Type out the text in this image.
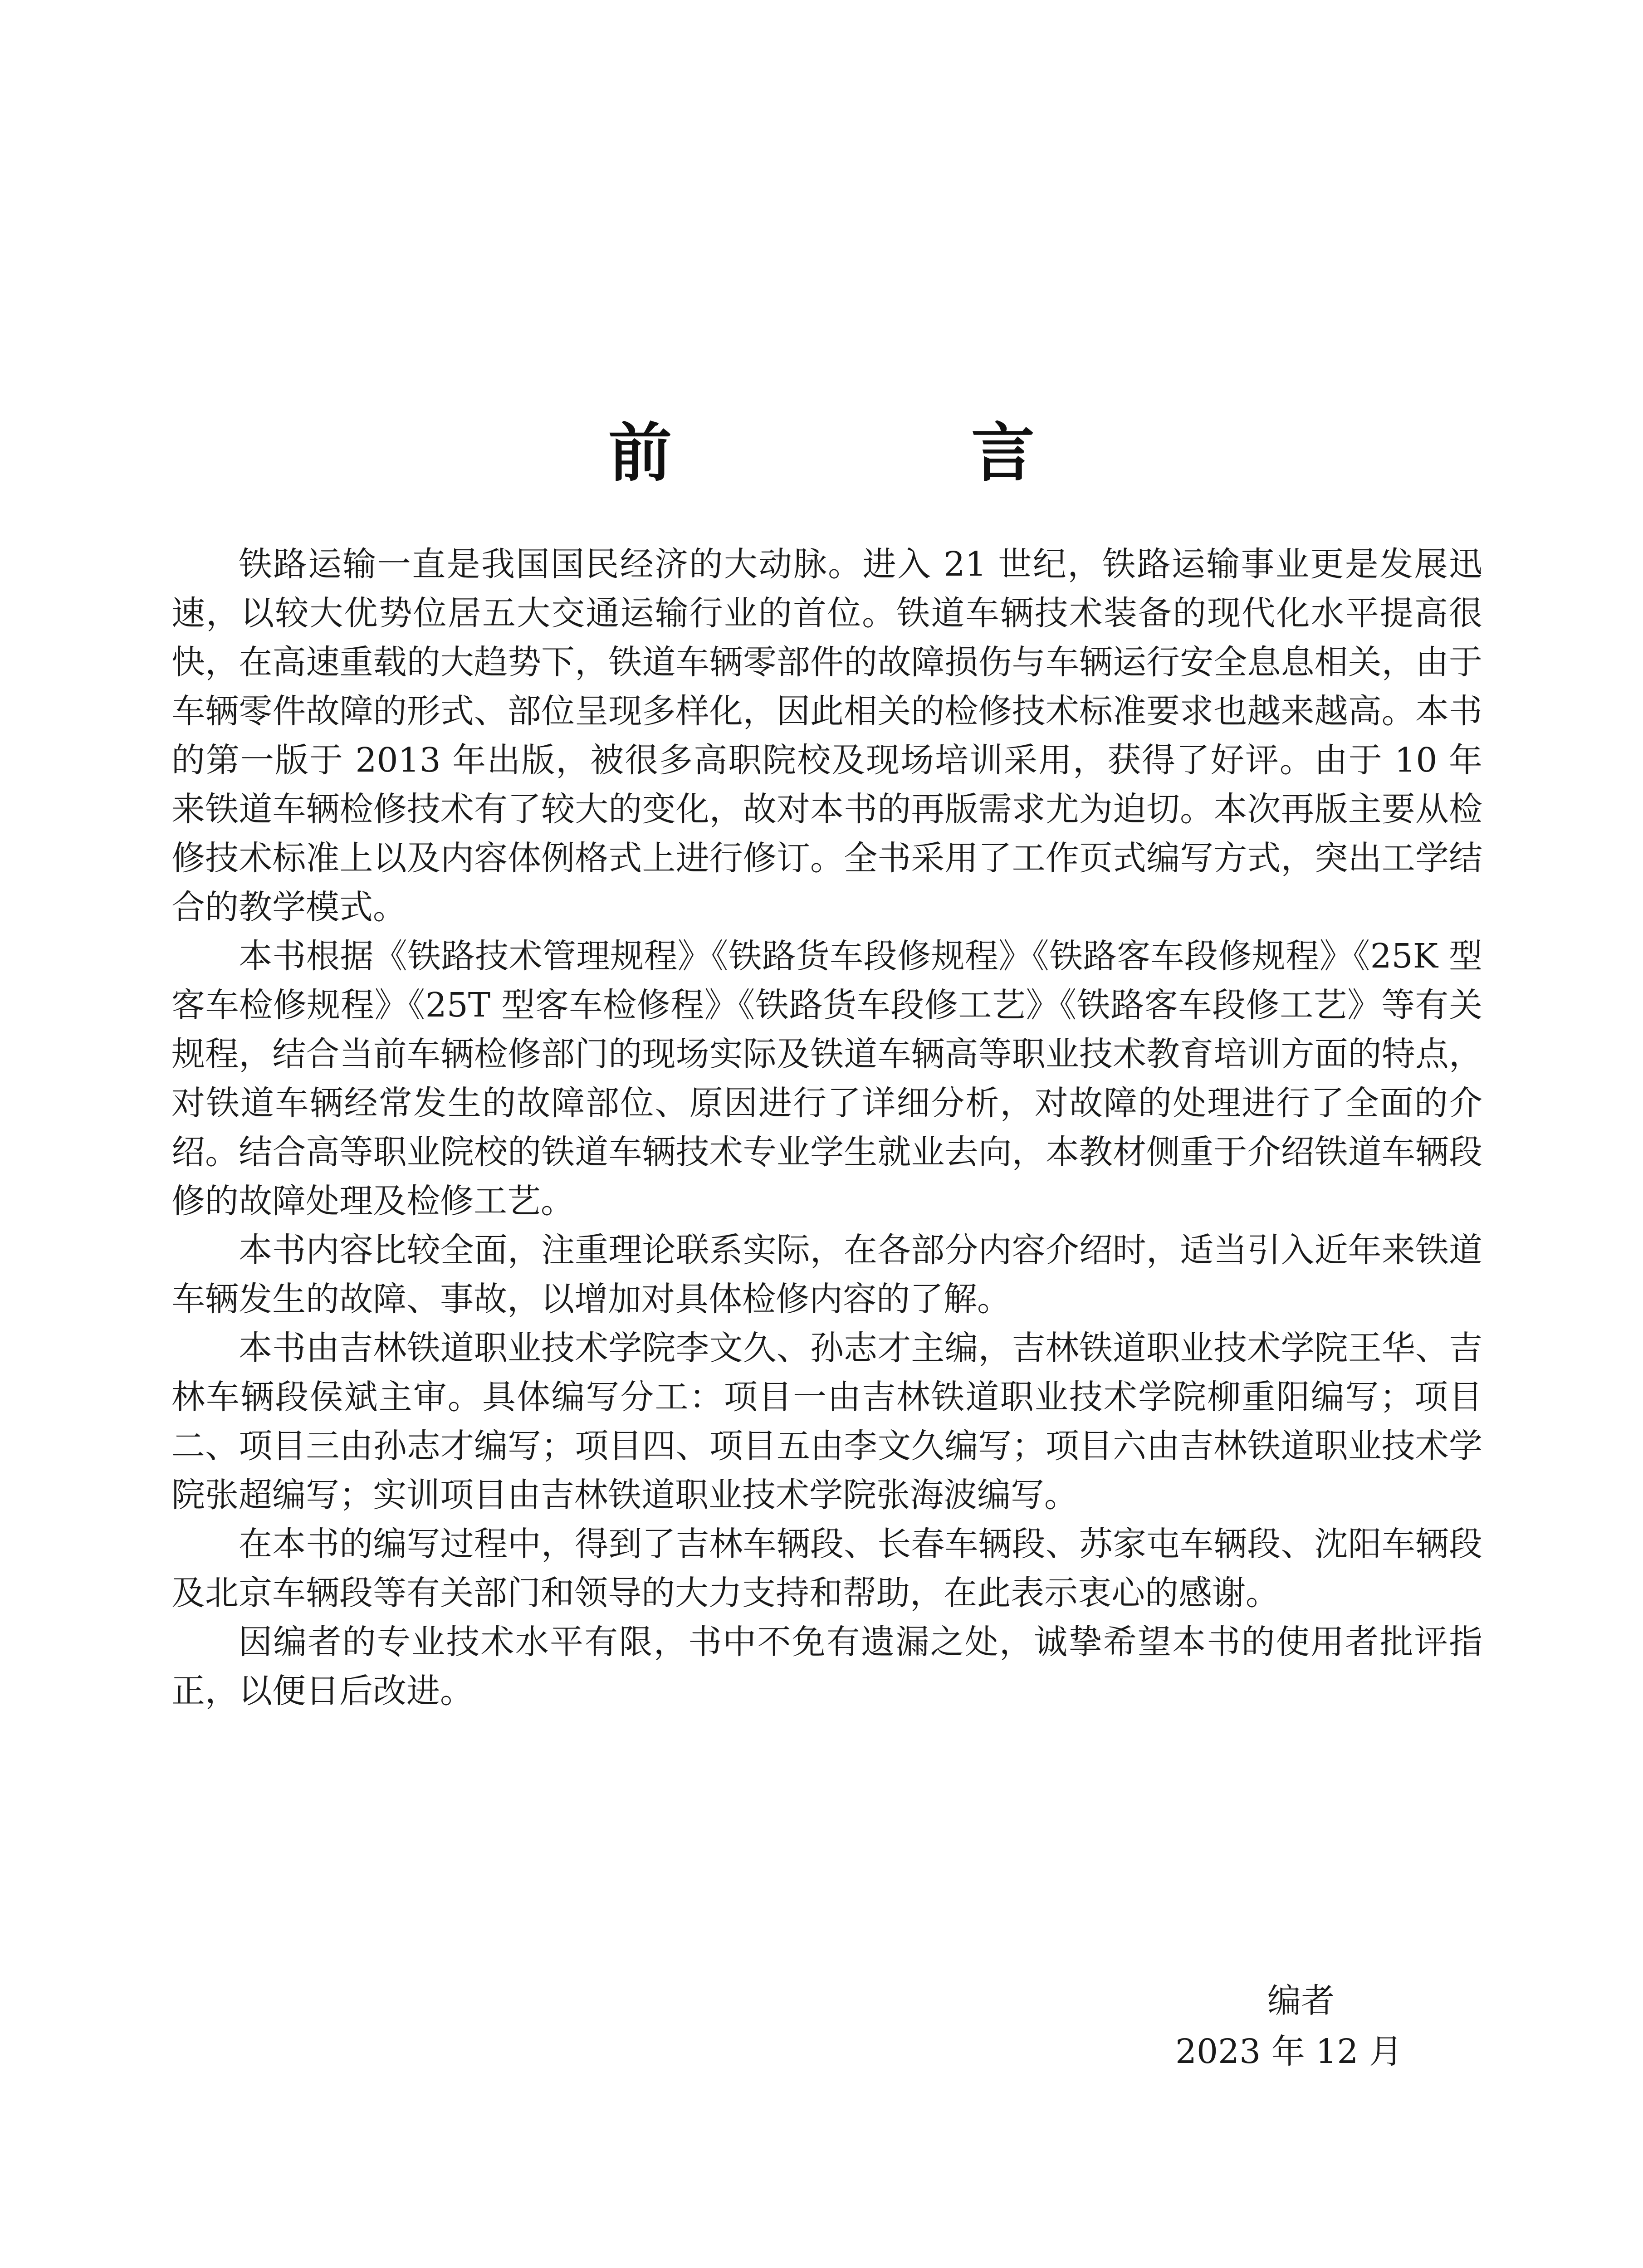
前　言

铁路运输一直是我国国民经济的大动脉。进入 21 世纪，铁路运输事业更是发展迅速，以较大优势位居五大交通运输行业的首位。铁道车辆技术装备的现代化水平提高很快，在高速重载的大趋势下，铁道车辆零部件的故障损伤与车辆运行安全息息相关，由于车辆零件故障的形式、部位呈现多样化，因此相关的检修技术标准要求也越来越高。本书的第一版于 2013 年出版，被很多高职院校及现场培训采用，获得了好评。由于 10 年来铁道车辆检修技术有了较大的变化，故对本书的再版需求尤为迫切。本次再版主要从检修技术标准上以及内容体例格式上进行修订。全书采用了工作页式编写方式，突出工学结合的教学模式。

本书根据《铁路技术管理规程》《铁路货车段修规程》《铁路客车段修规程》《25K 型客车检修规程》《25T 型客车检修程》《铁路货车段修工艺》《铁路客车段修工艺》等有关规程，结合当前车辆检修部门的现场实际及铁道车辆高等职业技术教育培训方面的特点，对铁道车辆经常发生的故障部位、原因进行了详细分析，对故障的处理进行了全面的介绍。结合高等职业院校的铁道车辆技术专业学生就业去向，本教材侧重于介绍铁道车辆段修的故障处理及检修工艺。

本书内容比较全面，注重理论联系实际，在各部分内容介绍时，适当引入近年来铁道车辆发生的故障、事故，以增加对具体检修内容的了解。

本书由吉林铁道职业技术学院李文久、孙志才主编，吉林铁道职业技术学院王华、吉林车辆段侯斌主审。具体编写分工：项目一由吉林铁道职业技术学院柳重阳编写；项目二、项目三由孙志才编写；项目四、项目五由李文久编写；项目六由吉林铁道职业技术学院张超编写；实训项目由吉林铁道职业技术学院张海波编写。

在本书的编写过程中，得到了吉林车辆段、长春车辆段、苏家屯车辆段、沈阳车辆段及北京车辆段等有关部门和领导的大力支持和帮助，在此表示衷心的感谢。

因编者的专业技术水平有限，书中不免有遗漏之处，诚挚希望本书的使用者批评指正，以便日后改进。

编者
2023 年 12 月
